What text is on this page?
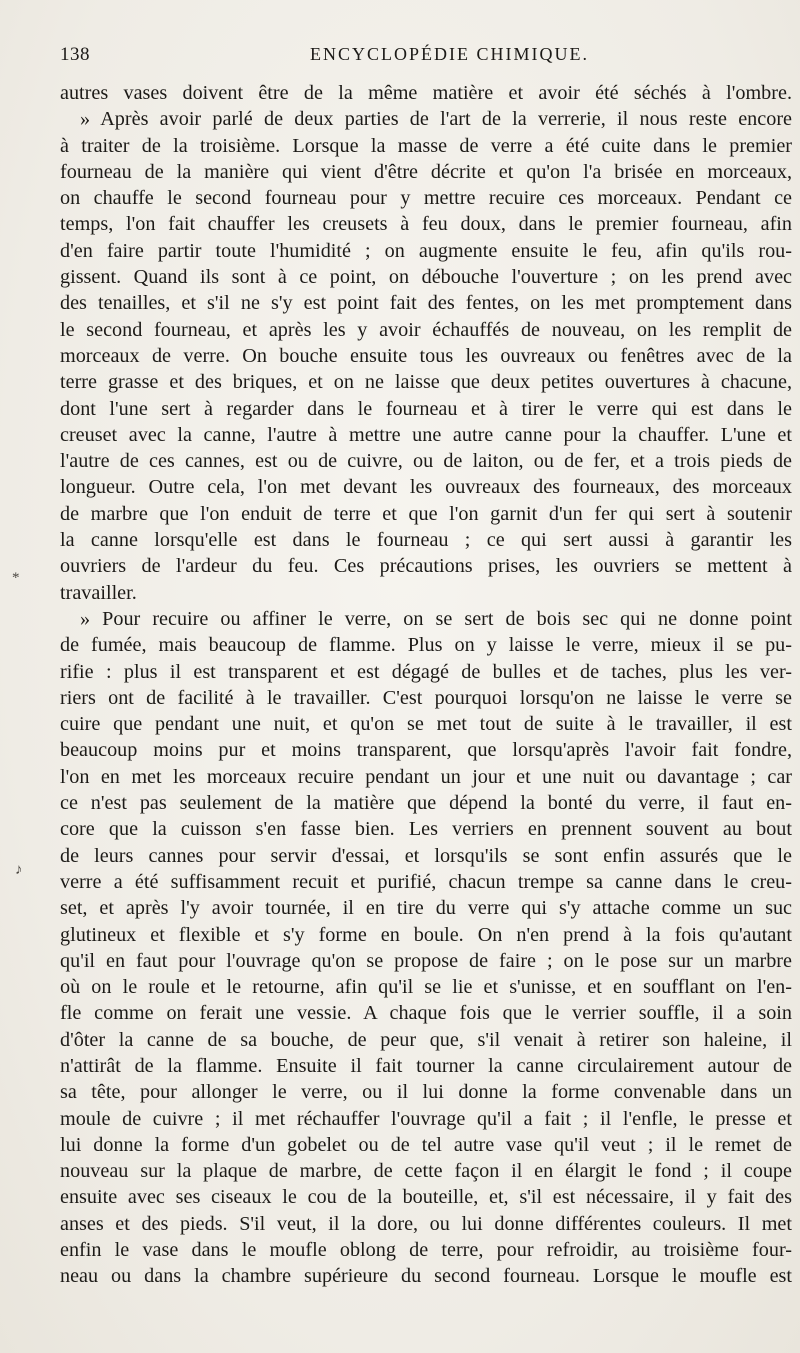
138	ENCYCLOPÉDIE CHIMIQUE.
*
♪
autres vases doivent être de la même matière et avoir été séchés à l'ombre.
» Après avoir parlé de deux parties de l'art de la verrerie, il nous reste encore
à traiter de la troisième. Lorsque la masse de verre a été cuite dans le premier
fourneau de la manière qui vient d'être décrite et qu'on l'a brisée en morceaux,
on chauffe le second fourneau pour y mettre recuire ces morceaux. Pendant ce
temps, l'on fait chauffer les creusets à feu doux, dans le premier fourneau, afin
d'en faire partir toute l'humidité ; on augmente ensuite le feu, afin qu'ils rou-
gissent. Quand ils sont à ce point, on débouche l'ouverture ; on les prend avec
des tenailles, et s'il ne s'y est point fait des fentes, on les met promptement dans
le second fourneau, et après les y avoir échauffés de nouveau, on les remplit de
morceaux de verre. On bouche ensuite tous les ouvreaux ou fenêtres avec de la
terre grasse et des briques, et on ne laisse que deux petites ouvertures à chacune,
dont l'une sert à regarder dans le fourneau et à tirer le verre qui est dans le
creuset avec la canne, l'autre à mettre une autre canne pour la chauffer. L'une et
l'autre de ces cannes, est ou de cuivre, ou de laiton, ou de fer, et a trois pieds de
longueur. Outre cela, l'on met devant les ouvreaux des fourneaux, des morceaux
de marbre que l'on enduit de terre et que l'on garnit d'un fer qui sert à soutenir
la canne lorsqu'elle est dans le fourneau ; ce qui sert aussi à garantir les
ouvriers de l'ardeur du feu. Ces précautions prises, les ouvriers se mettent à
travailler.
» Pour recuire ou affiner le verre, on se sert de bois sec qui ne donne point
de fumée, mais beaucoup de flamme. Plus on y laisse le verre, mieux il se pu-
rifie : plus il est transparent et est dégagé de bulles et de taches, plus les ver-
riers ont de facilité à le travailler. C'est pourquoi lorsqu'on ne laisse le verre se
cuire que pendant une nuit, et qu'on se met tout de suite à le travailler, il est
beaucoup moins pur et moins transparent, que lorsqu'après l'avoir fait fondre,
l'on en met les morceaux recuire pendant un jour et une nuit ou davantage ; car
ce n'est pas seulement de la matière que dépend la bonté du verre, il faut en-
core que la cuisson s'en fasse bien. Les verriers en prennent souvent au bout
de leurs cannes pour servir d'essai, et lorsqu'ils se sont enfin assurés que le
verre a été suffisamment recuit et purifié, chacun trempe sa canne dans le creu-
set, et après l'y avoir tournée, il en tire du verre qui s'y attache comme un suc
glutineux et flexible et s'y forme en boule. On n'en prend à la fois qu'autant
qu'il en faut pour l'ouvrage qu'on se propose de faire ; on le pose sur un marbre
où on le roule et le retourne, afin qu'il se lie et s'unisse, et en soufflant on l'en-
fle comme on ferait une vessie. A chaque fois que le verrier souffle, il a soin
d'ôter la canne de sa bouche, de peur que, s'il venait à retirer son haleine, il
n'attirât de la flamme. Ensuite il fait tourner la canne circulairement autour de
sa tête, pour allonger le verre, ou il lui donne la forme convenable dans un
moule de cuivre ; il met réchauffer l'ouvrage qu'il a fait ; il l'enfle, le presse et
lui donne la forme d'un gobelet ou de tel autre vase qu'il veut ; il le remet de
nouveau sur la plaque de marbre, de cette façon il en élargit le fond ; il coupe
ensuite avec ses ciseaux le cou de la bouteille, et, s'il est nécessaire, il y fait des
anses et des pieds. S'il veut, il la dore, ou lui donne différentes couleurs. Il met
enfin le vase dans le moufle oblong de terre, pour refroidir, au troisième four-
neau ou dans la chambre supérieure du second fourneau. Lorsque le moufle est
